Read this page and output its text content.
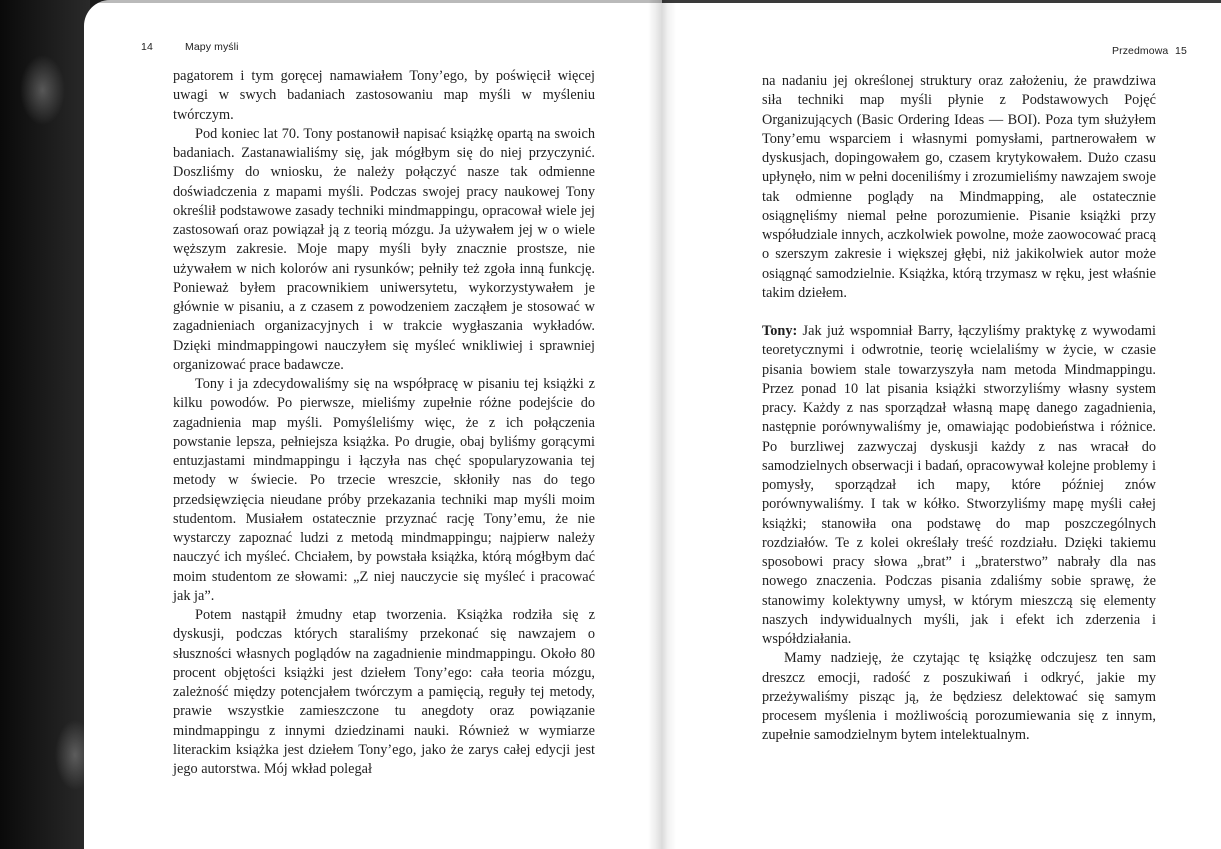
14	Mapy myśli

pagatorem i tym goręcej namawiałem Tony’ego, by poświęcił więcej uwagi w swych badaniach zastosowaniu map myśli w myśleniu twórczym.

Pod koniec lat 70. Tony postanowił napisać książkę opartą na swoich badaniach. Zastanawialiśmy się, jak mógłbym się do niej przyczynić. Doszliśmy do wniosku, że należy połączyć nasze tak odmienne doświadczenia z mapami myśli. Podczas swojej pracy naukowej Tony określił podstawowe zasady techniki mindmappingu, opracował wiele jej zastosowań oraz powiązał ją z teorią mózgu. Ja używałem jej w o wiele węższym zakresie. Moje mapy myśli były znacznie prostsze, nie używałem w nich kolorów ani rysunków; pełniły też zgoła inną funkcję. Ponieważ byłem pracownikiem uniwersytetu, wykorzystywałem je głównie w pisaniu, a z czasem z powodzeniem zacząłem je stosować w zagadnieniach organizacyjnych i w trakcie wygłaszania wykładów. Dzięki mindmappingowi nauczyłem się myśleć wnikliwiej i sprawniej organizować prace badawcze.

Tony i ja zdecydowaliśmy się na współpracę w pisaniu tej książki z kilku powodów. Po pierwsze, mieliśmy zupełnie różne podejście do zagadnienia map myśli. Pomyśleliśmy więc, że z ich połączenia powstanie lepsza, pełniejsza książka. Po drugie, obaj byliśmy gorącymi entuzjastami mindmappingu i łączyła nas chęć spopularyzowania tej metody w świecie. Po trzecie wreszcie, skłoniły nas do tego przedsięwzięcia nieudane próby przekazania techniki map myśli moim studentom. Musiałem ostatecznie przyznać rację Tony’emu, że nie wystarczy zapoznać ludzi z metodą mindmappingu; najpierw należy nauczyć ich myśleć. Chciałem, by powstała książka, którą mógłbym dać moim studentom ze słowami: „Z niej nauczycie się myśleć i pracować jak ja”.

Potem nastąpił żmudny etap tworzenia. Książka rodziła się z dyskusji, podczas których staraliśmy przekonać się nawzajem o słuszności własnych poglądów na zagadnienie mindmappingu. Około 80 procent objętości książki jest dziełem Tony’ego: cała teoria mózgu, zależność między potencjałem twórczym a pamięcią, reguły tej metody, prawie wszystkie zamieszczone tu anegdoty oraz powiązanie mindmappingu z innymi dziedzinami nauki. Również w wymiarze literackim książka jest dziełem Tony’ego, jako że zarys całej edycji jest jego autorstwa. Mój wkład polegał

Przedmowa 15

na nadaniu jej określonej struktury oraz założeniu, że prawdziwa siła techniki map myśli płynie z Podstawowych Pojęć Organizujących (Basic Ordering Ideas — BOI). Poza tym służyłem Tony’emu wsparciem i własnymi pomysłami, partnerowałem w dyskusjach, dopingowałem go, czasem krytykowałem. Dużo czasu upłynęło, nim w pełni doceniliśmy i zrozumieliśmy nawzajem swoje tak odmienne poglądy na Mindmapping, ale ostatecznie osiągnęliśmy niemal pełne porozumienie. Pisanie książki przy współudziale innych, aczkolwiek powolne, może zaowocować pracą o szerszym zakresie i większej głębi, niż jakikolwiek autor może osiągnąć samodzielnie. Książka, którą trzymasz w ręku, jest właśnie takim dziełem.

Tony: Jak już wspomniał Barry, łączyliśmy praktykę z wywodami teoretycznymi i odwrotnie, teorię wcielaliśmy w życie, w czasie pisania bowiem stale towarzyszyła nam metoda Mindmappingu. Przez ponad 10 lat pisania książki stworzyliśmy własny system pracy. Każdy z nas sporządzał własną mapę danego zagadnienia, następnie porównywaliśmy je, omawiając podobieństwa i różnice. Po burzliwej zazwyczaj dyskusji każdy z nas wracał do samodzielnych obserwacji i badań, opracowywał kolejne problemy i pomysły, sporządzał ich mapy, które później znów porównywaliśmy. I tak w kółko. Stworzyliśmy mapę myśli całej książki; stanowiła ona podstawę do map poszczególnych rozdziałów. Te z kolei określały treść rozdziału. Dzięki takiemu sposobowi pracy słowa „brat” i „braterstwo” nabrały dla nas nowego znaczenia. Podczas pisania zdaliśmy sobie sprawę, że stanowimy kolektywny umysł, w którym mieszczą się elementy naszych indywidualnych myśli, jak i efekt ich zderzenia i współdziałania.

Mamy nadzieję, że czytając tę książkę odczujesz ten sam dreszcz emocji, radość z poszukiwań i odkryć, jakie my przeżywaliśmy pisząc ją, że będziesz delektować się samym procesem myślenia i możliwością porozumiewania się z innym, zupełnie samodzielnym bytem intelektualnym.
